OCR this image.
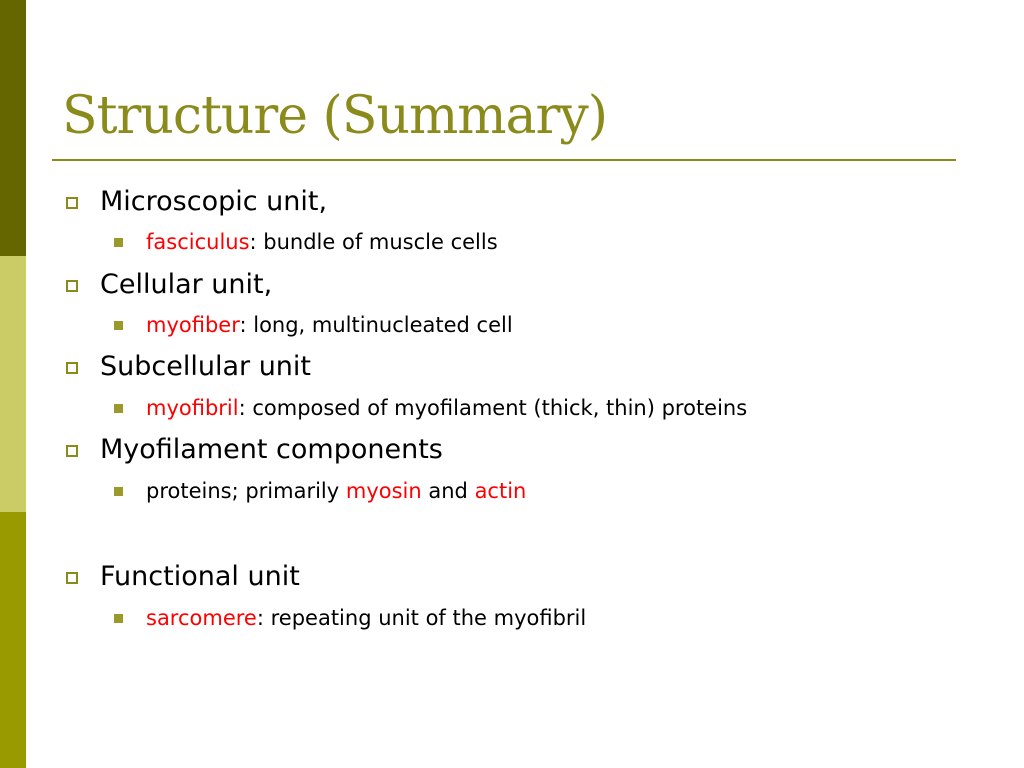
Structure (Summary)
Microscopic unit,
fasciculus: bundle of muscle cells
Cellular unit,
myofiber: long, multinucleated cell
Subcellular unit
myofibril: composed of myofilament (thick, thin) proteins
Myofilament components
proteins; primarily myosin and actin
Functional unit
sarcomere: repeating unit of the myofibril
